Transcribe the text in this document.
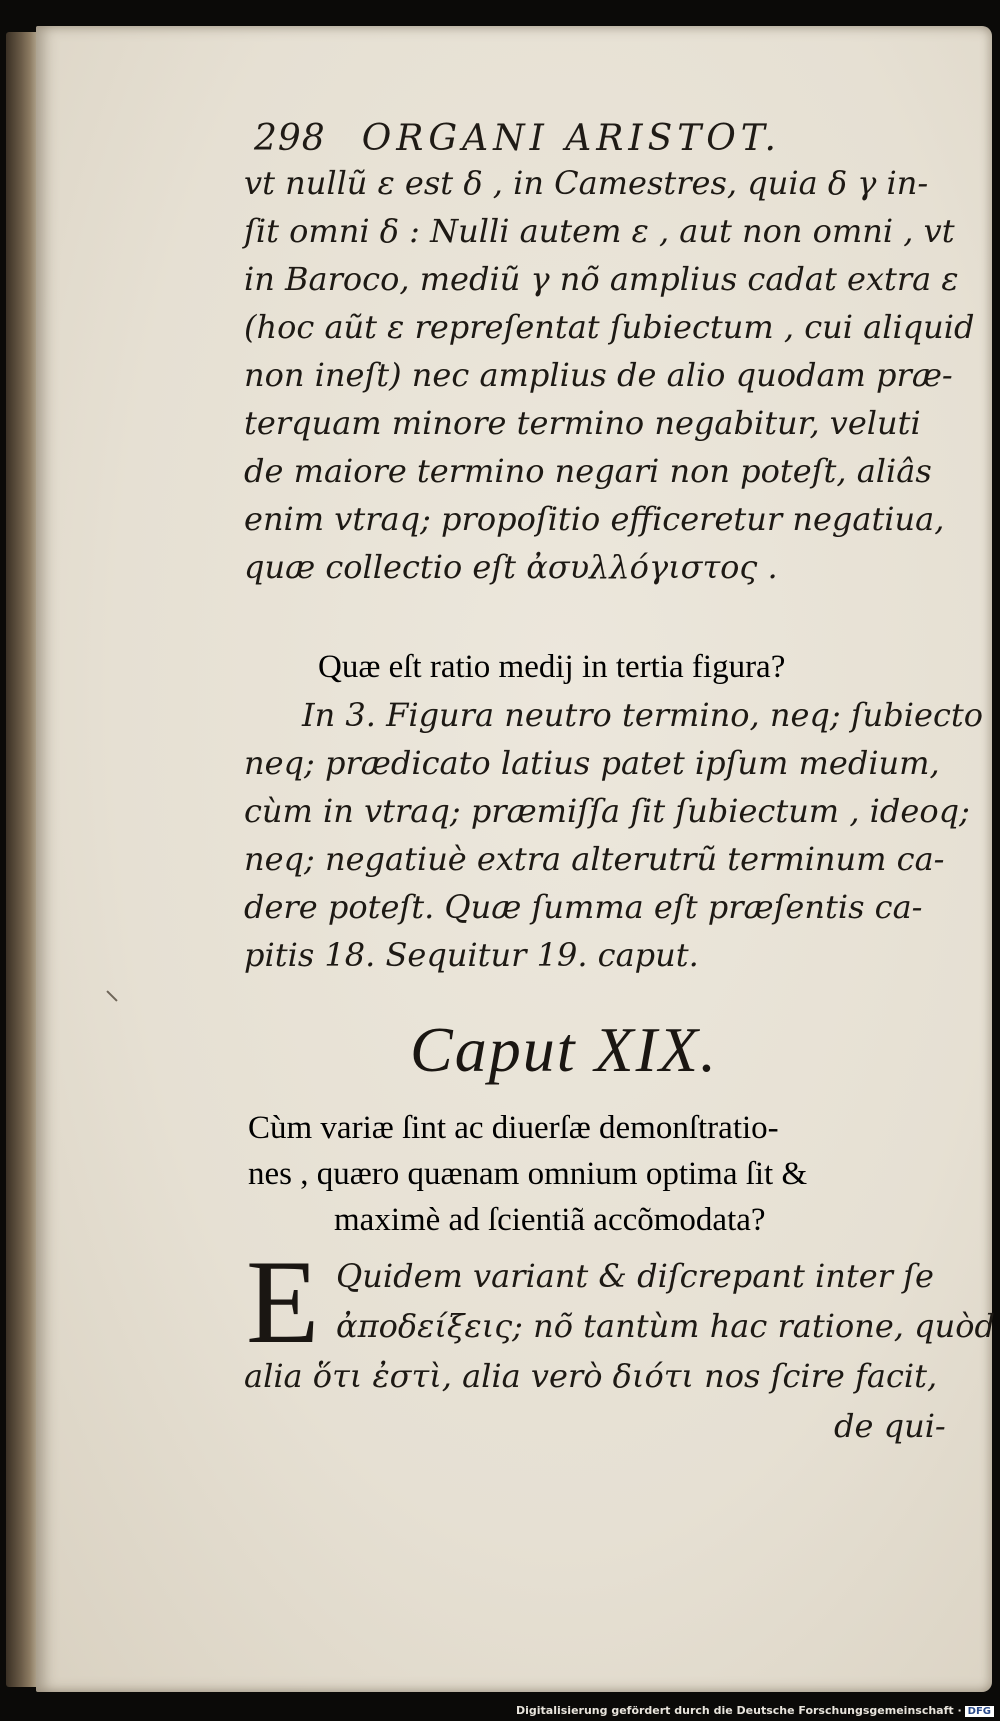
298 ORGANI ARISTOT.
vt nullũ ε est δ , in Camestres, quia δ γ in-
ſit omni δ : Nulli autem ε , aut non omni , vt
in Baroco, mediũ γ nõ amplius cadat extra ε
(hoc aũt ε repreſentat ſubiectum , cui aliquid
non ineſt) nec amplius de alio quodam præ-
terquam minore termino negabitur, veluti
de maiore termino negari non poteſt, aliâs
enim vtraq; propoſitio efficeretur negatiua,
quæ collectio eſt ἀσυλλόγιστος .
Quæ eſt ratio medij in tertia figura?
In 3. Figura neutro termino, neq; ſubiecto
neq; prædicato latius patet ipſum medium,
cùm in vtraq; præmiſſa ſit ſubiectum , ideoq;
neq; negatiuè extra alterutrũ terminum ca-
dere poteſt. Quæ ſumma eſt præſentis ca-
pitis 18. Sequitur 19. caput.
Caput XIX.
Cùm variæ ſint ac diuerſæ demonſtratio-
nes , quæro quænam omnium optima ſit &
maximè ad ſcientiã accõmodata?
E Quidem variant & diſcrepant inter ſe
ἀποδείξεις; nõ tantùm hac ratione, quòd
alia ὅτι ἐστὶ, alia verò διότι nos ſcire facit,
de qui-
Digitalisierung gefördert durch die Deutsche Forschungsgemeinschaft · DFG
